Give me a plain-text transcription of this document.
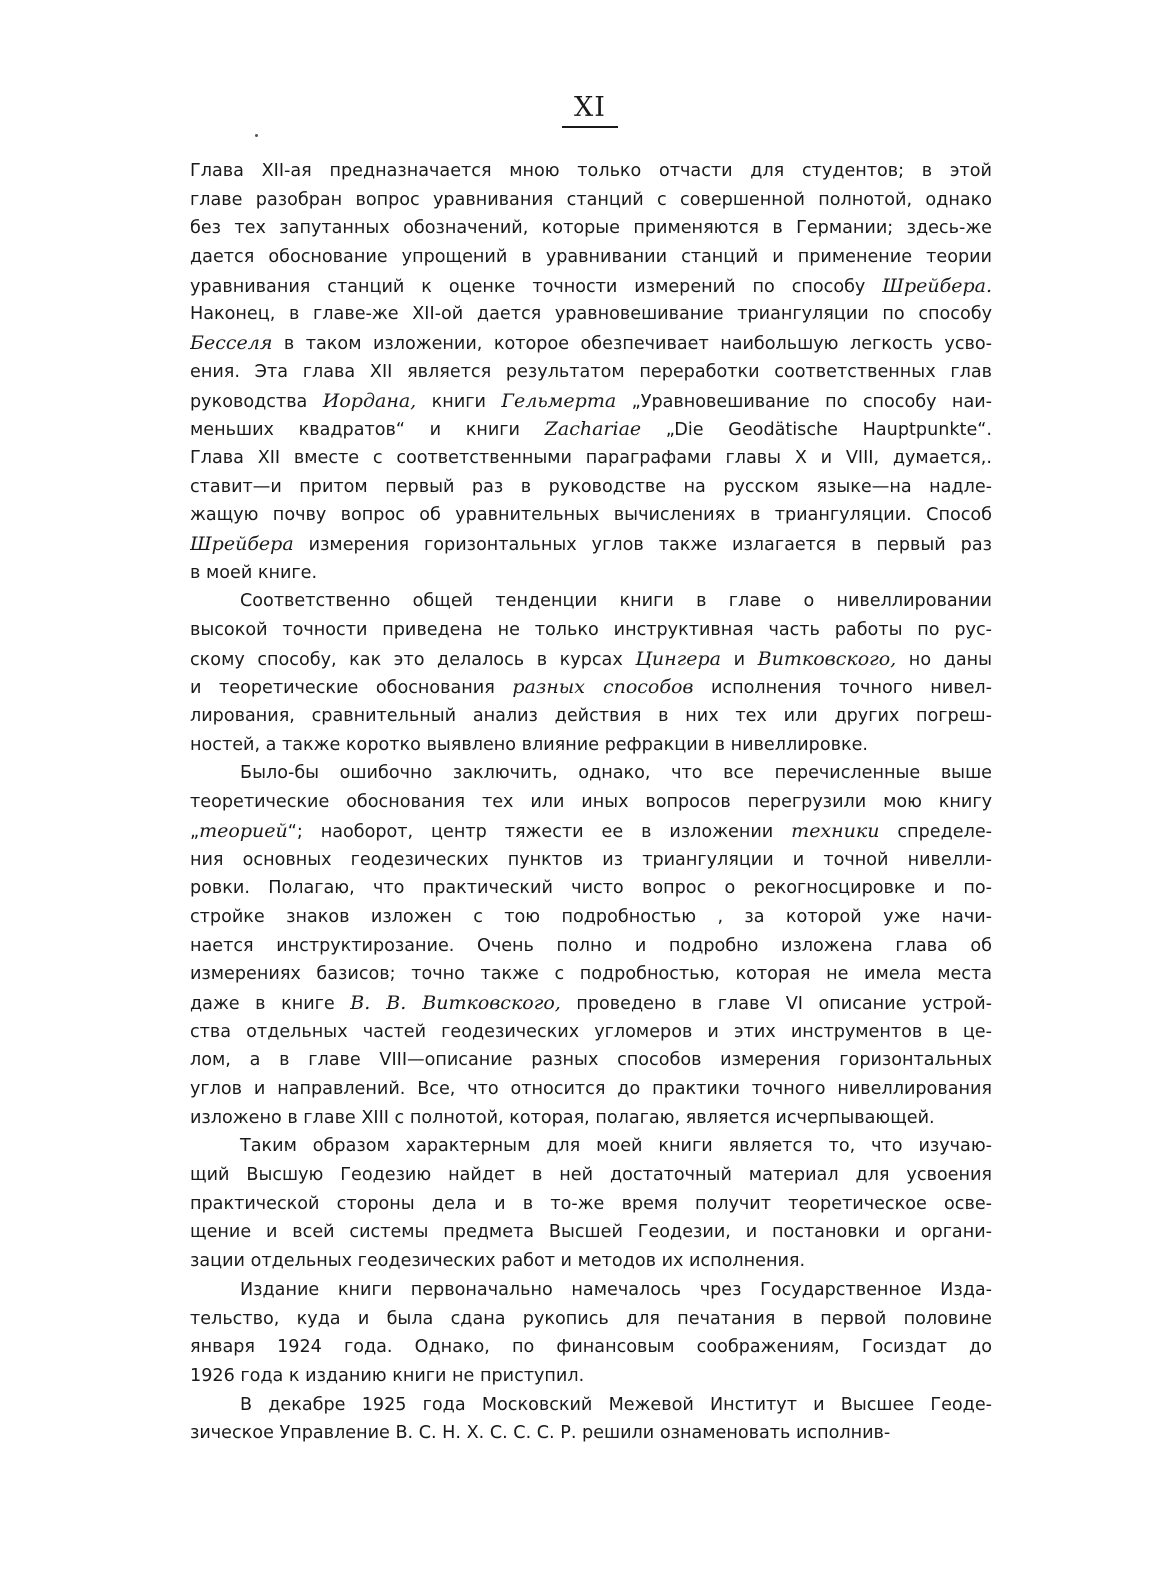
XI
Глава XII-ая предназначается мною только отчасти для студентов; в этой
главе разобран вопрос уравнивания станций с совершенной полнотой, однако
без тех запутанных обозначений, которые применяются в Германии; здесь-же
дается обоснование упрощений в уравнивании станций и применение теории
уравнивания станций к оценке точности измерений по способу Шрейбера.
Наконец, в главе-же XII-ой дается уравновешивание триангуляции по способу
Бесселя в таком изложении, которое обезпечивает наибольшую легкость усво-
ения. Эта глава XII является результатом переработки соответственных глав
руководства Иордана, книги Гельмерта „Уравновешивание по способу наи-
меньших квадратов“ и книги Zachariae „Die Geodätische Hauptpunkte“.
Глава XII вместе с соответственными параграфами главы X и VIII, думается,.
ставит—и притом первый раз в руководстве на русском языке—на надле-
жащую почву вопрос об уравнительных вычислениях в триангуляции. Способ
Шрейбера измерения горизонтальных углов также излагается в первый раз
в моей книге.
Соответственно общей тенденции книги в главе о нивеллировании
высокой точности приведена не только инструктивная часть работы по рус-
скому способу, как это делалось в курсах Цингера и Витковского, но даны
и теоретические обоснования разных способов исполнения точного нивел-
лирования, сравнительный анализ действия в них тех или других погреш-
ностей, а также коротко выявлено влияние рефракции в нивеллировке.
Было-бы ошибочно заключить, однако, что все перечисленные выше
теоретические обоснования тех или иных вопросов перегрузили мою книгу
„теорией“; наоборот, центр тяжести ее в изложении техники спределе-
ния основных геодезических пунктов из триангуляции и точной нивелли-
ровки. Полагаю, что практический чисто вопрос о рекогносцировке и по-
стройке знаков изложен с тою подробностью , за которой уже начи-
нается инструктирозание. Очень полно и подробно изложена глава об
измерениях базисов; точно также с подробностью, которая не имела места
даже в книге В. В. Витковского, проведено в главе VI описание устрой-
ства отдельных частей геодезических угломеров и этих инструментов в це-
лом, а в главе VIII—описание разных способов измерения горизонтальных
углов и направлений. Все, что относится до практики точного нивеллирования
изложено в главе XIII с полнотой, которая, полагаю, является исчерпывающей.
Таким образом характерным для моей книги является то, что изучаю-
щий Высшую Геодезию найдет в ней достаточный материал для усвоения
практической стороны дела и в то-же время получит теоретическое осве-
щение и всей системы предмета Высшей Геодезии, и постановки и органи-
зации отдельных геодезических работ и методов их исполнения.
Издание книги первоначально намечалось чрез Государственное Изда-
тельство, куда и была сдана рукопись для печатания в первой половине
января 1924 года. Однако, по финансовым соображениям, Госиздат до
1926 года к изданию книги не приступил.
В декабре 1925 года Московский Межевой Институт и Высшее Геоде-
зическое Управление В. С. Н. Х. С. С. С. Р. решили ознаменовать исполнив-
